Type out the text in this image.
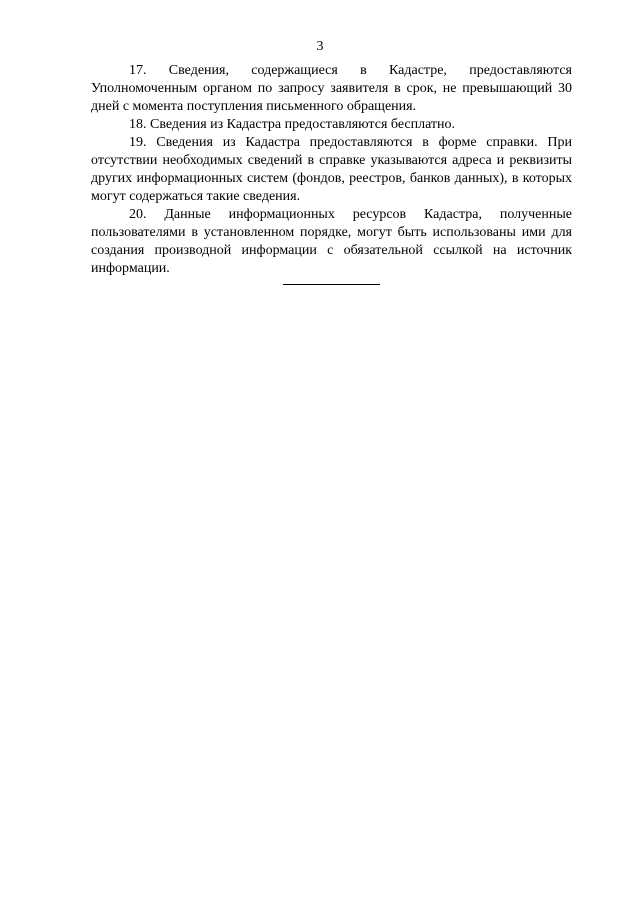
3

17. Сведения, содержащиеся в Кадастре, предоставляются Уполномоченным органом по запросу заявителя в срок, не превышающий 30 дней с момента поступления письменного обращения.

18. Сведения из Кадастра предоставляются бесплатно.

19. Сведения из Кадастра предоставляются в форме справки. При отсутствии необходимых сведений в справке указываются адреса и реквизиты других информационных систем (фондов, реестров, банков данных), в которых могут содержаться такие сведения.

20. Данные информационных ресурсов Кадастра, полученные пользователями в установленном порядке, могут быть использованы ими для создания производной информации с обязательной ссылкой на источник информации.
